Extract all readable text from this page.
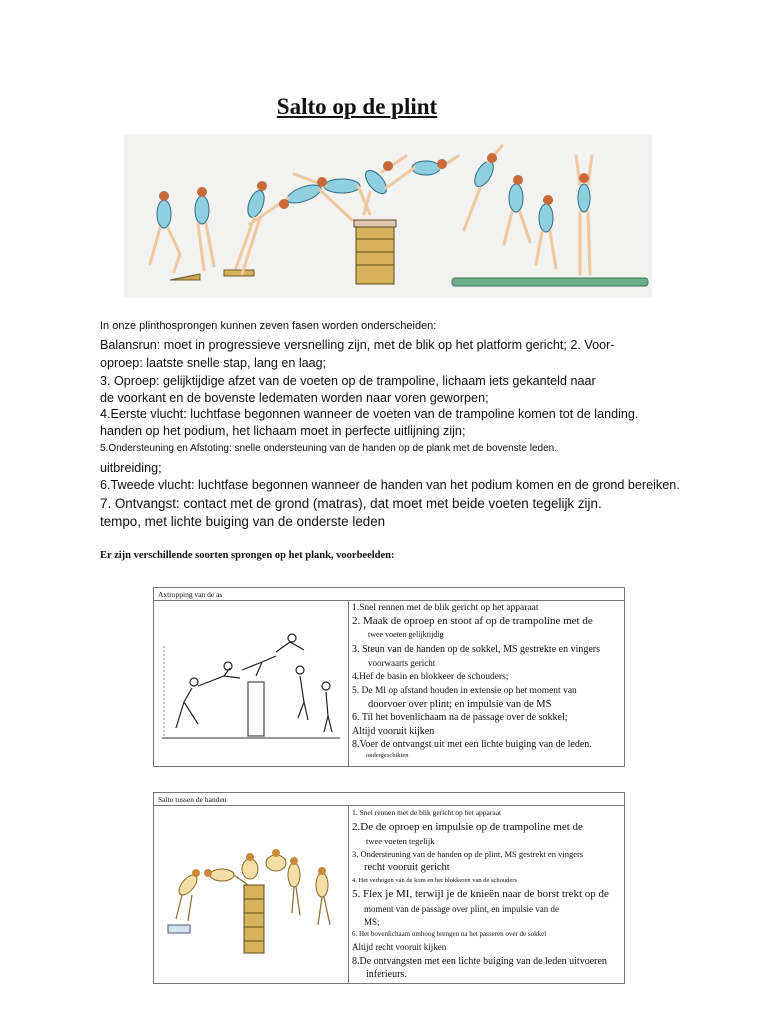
Salto op de plint
In onze plinthosprongen kunnen zeven fasen worden onderscheiden:
Balansrun: moet in progressieve versnelling zijn, met de blik op het platform gericht; 2. Voor-
oproep: laatste snelle stap, lang en laag;
3. Oproep: gelijktijdige afzet van de voeten op de trampoline, lichaam iets gekanteld naar
de voorkant en de bovenste ledematen worden naar voren geworpen;
4.Eerste vlucht: luchtfase begonnen wanneer de voeten van de trampoline komen tot de landing.
handen op het podium, het lichaam moet in perfecte uitlijning zijn;
5.Ondersteuning en Afstoting: snelle ondersteuning van de handen op de plank met de bovenste leden.
uitbreiding;
6.Tweede vlucht: luchtfase begonnen wanneer de handen van het podium komen en de grond bereiken.
7. Ontvangst: contact met de grond (matras), dat moet met beide voeten tegelijk zijn.
tempo, met lichte buiging van de onderste leden
Er zijn verschillende soorten sprongen op het plank, voorbeelden:
Axtropping van de as
1.Snel rennen met de blik gericht op het apparaat
2. Maak de oproep en stoot af op de trampoline met de
twee voeten gelijktijdig
3. Steun van de handen op de sokkel, MS gestrekte en vingers
voorwaarts gericht
4.Hef de basin en blokkeer de schouders;
5. De Ml op afstand houden in extensie op het moment van
doorvoer over plint; en impulsie van de MS
6. Til het bovenlichaam na de passage over de sokkel;
Altijd vooruit kijken
8.Voer de ontvangst uit met een lichte buiging van de leden.
ondergeschikten
Salto tussen de handen
1. Snel rennen met de blik gericht op het apparaat
2.De de oproep en impulsie op de trampoline met de
twee voeten tegelijk
3. Ondersteuning van de handen op de plint, MS gestrekt en vingers
recht vooruit gericht
4. Het verhogen van de kom en het blokkeren van de schouders
5. Flex je MI, terwijl je de knieën naar de borst trekt op de
moment van de passage over plint, en impulsie van de
MS;
6. Het bovenlichaam omhoog brengen na het passeren over de sokkel
Altijd recht vooruit kijken
8.De ontvangsten met een lichte buiging van de leden uitvoeren
inferieurs.
